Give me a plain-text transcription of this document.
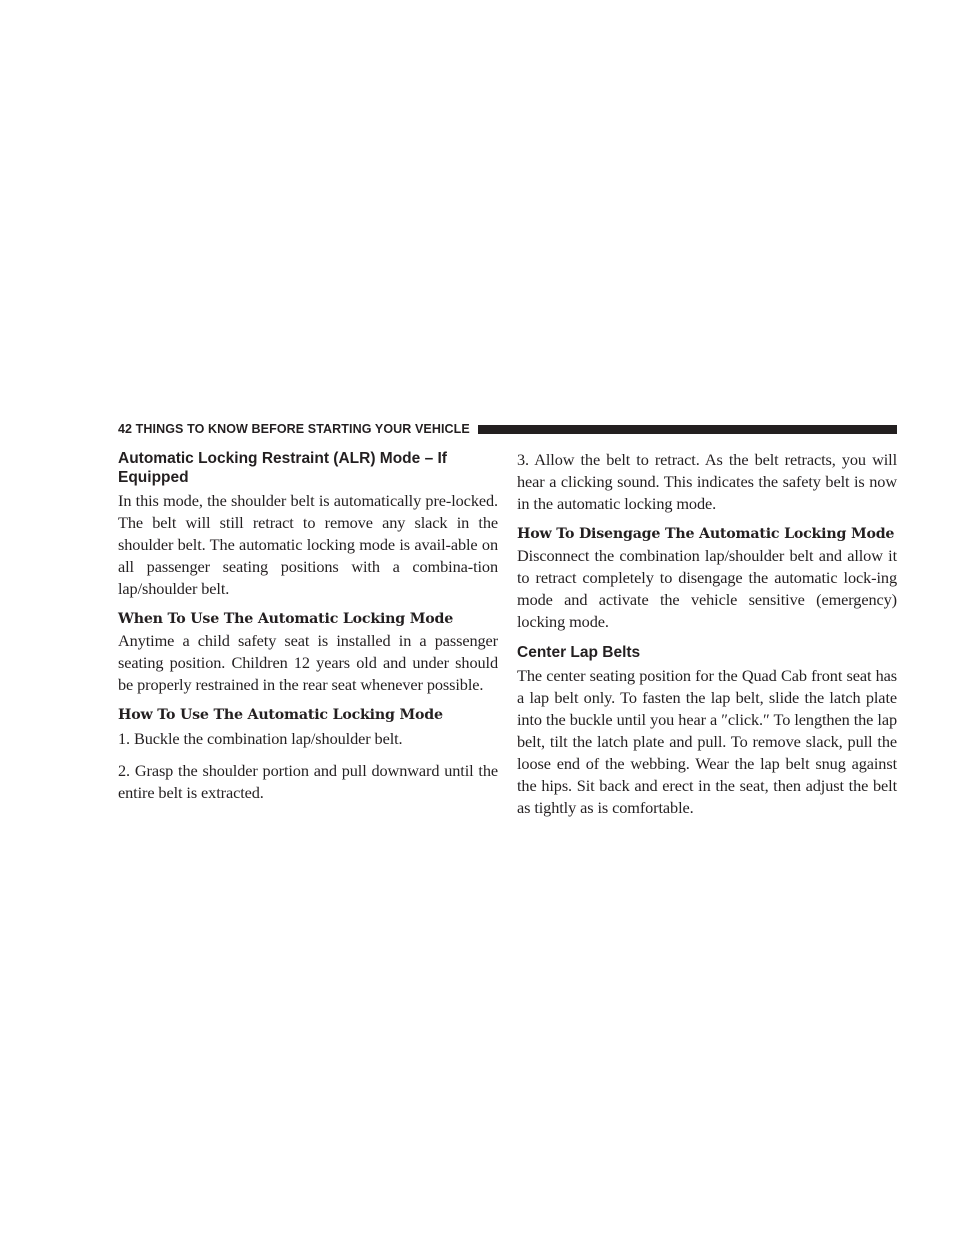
42 THINGS TO KNOW BEFORE STARTING YOUR VEHICLE
Automatic Locking Restraint (ALR) Mode – If Equipped

In this mode, the shoulder belt is automatically pre-locked. The belt will still retract to remove any slack in the shoulder belt. The automatic locking mode is avail-able on all passenger seating positions with a combina-tion lap/shoulder belt.

When To Use The Automatic Locking Mode

Anytime a child safety seat is installed in a passenger seating position. Children 12 years old and under should be properly restrained in the rear seat whenever possible.

How To Use The Automatic Locking Mode

1. Buckle the combination lap/shoulder belt.

2. Grasp the shoulder portion and pull downward until the entire belt is extracted.

3. Allow the belt to retract. As the belt retracts, you will hear a clicking sound. This indicates the safety belt is now in the automatic locking mode.

How To Disengage The Automatic Locking Mode

Disconnect the combination lap/shoulder belt and allow it to retract completely to disengage the automatic lock-ing mode and activate the vehicle sensitive (emergency) locking mode.

Center Lap Belts

The center seating position for the Quad Cab front seat has a lap belt only. To fasten the lap belt, slide the latch plate into the buckle until you hear a ″click.″ To lengthen the lap belt, tilt the latch plate and pull. To remove slack, pull the loose end of the webbing. Wear the lap belt snug against the hips. Sit back and erect in the seat, then adjust the belt as tightly as is comfortable.
